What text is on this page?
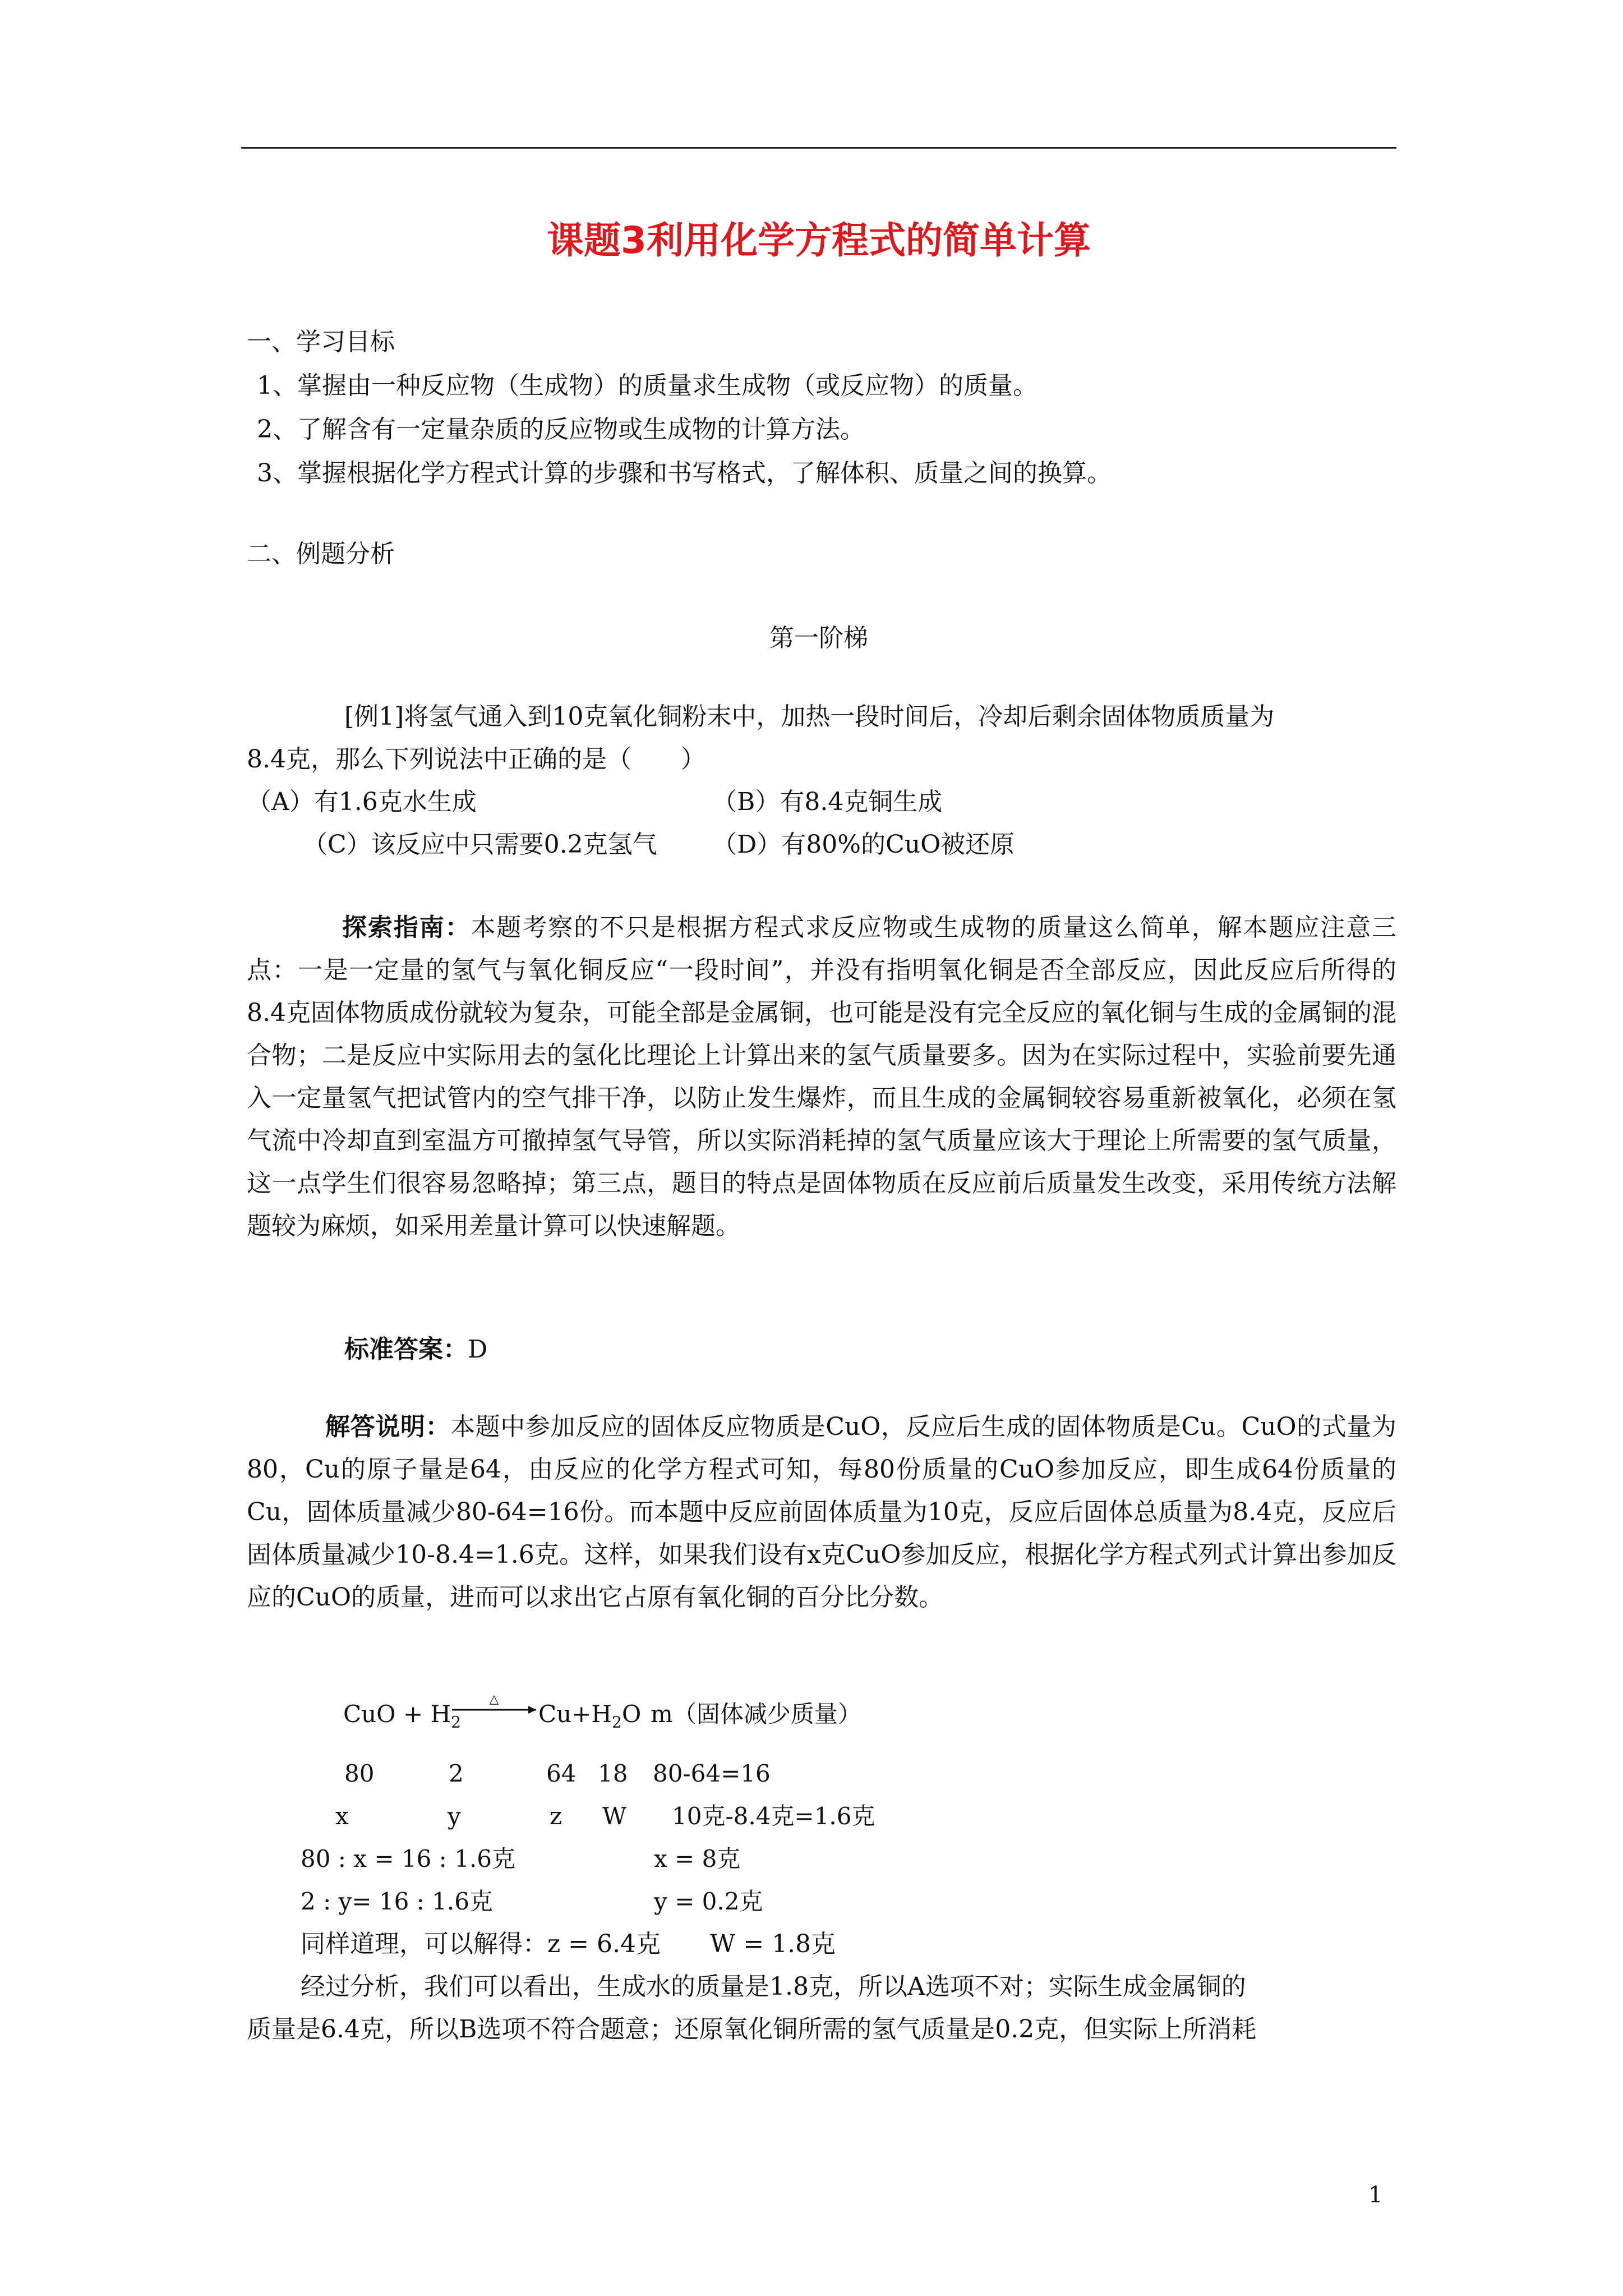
课题3利用化学方程式的简单计算
一、学习目标
1、掌握由一种反应物（生成物）的质量求生成物（或反应物）的质量。
2、了解含有一定量杂质的反应物或生成物的计算方法。
3、掌握根据化学方程式计算的步骤和书写格式，了解体积、质量之间的换算。
二、例题分析
第一阶梯
[例1]将氢气通入到10克氧化铜粉末中，加热一段时间后，冷却后剩余固体物质质量为
8.4克，那么下列说法中正确的是（　　）
（A）有1.6克水生成	（B）有8.4克铜生成
（C）该反应中只需要0.2克氢气 （D）有80%的CuO被还原
探索指南：本题考察的不只是根据方程式求反应物或生成物的质量这么简单，解本题应注意三点：一是一定量的氢气与氧化铜反应“一段时间”，并没有指明氧化铜是否全部反应，因此反应后所得的8.4克固体物质成份就较为复杂，可能全部是金属铜，也可能是没有完全反应的氧化铜与生成的金属铜的混合物；二是反应中实际用去的氢化比理论上计算出来的氢气质量要多。因为在实际过程中，实验前要先通入一定量氢气把试管内的空气排干净，以防止发生爆炸，而且生成的金属铜较容易重新被氧化，必须在氢气流中冷却直到室温方可撤掉氢气导管，所以实际消耗掉的氢气质量应该大于理论上所需要的氢气质量，这一点学生们很容易忽略掉；第三点，题目的特点是固体物质在反应前后质量发生改变，采用传统方法解题较为麻烦，如采用差量计算可以快速解题。
标准答案：D
解答说明：本题中参加反应的固体反应物质是CuO，反应后生成的固体物质是Cu。CuO的式量为80，Cu的原子量是64，由反应的化学方程式可知，每80份质量的CuO参加反应，即生成64份质量的Cu，固体质量减少80-64=16份。而本题中反应前固体质量为10克，反应后固体总质量为8.4克，反应后固体质量减少10-8.4=1.6克。这样，如果我们设有x克CuO参加反应，根据化学方程式列式计算出参加反应的CuO的质量，进而可以求出它占原有氧化铜的百分比分数。
CuO + $H_2$
△
$Cu+H_2O$ m（固体减少质量）
80	2	64 18 80-64=16
x	y	z W 10克-8.4克=1.6克
80 : x = 16 : 1.6克	x = 8克
2 : y= 16 : 1.6克	y = 0.2克
同样道理，可以解得：z = 6.4克　　W = 1.8克
经过分析，我们可以看出，生成水的质量是1.8克，所以A选项不对；实际生成金属铜的
质量是6.4克，所以B选项不符合题意；还原氧化铜所需的氢气质量是0.2克，但实际上所消耗
1
